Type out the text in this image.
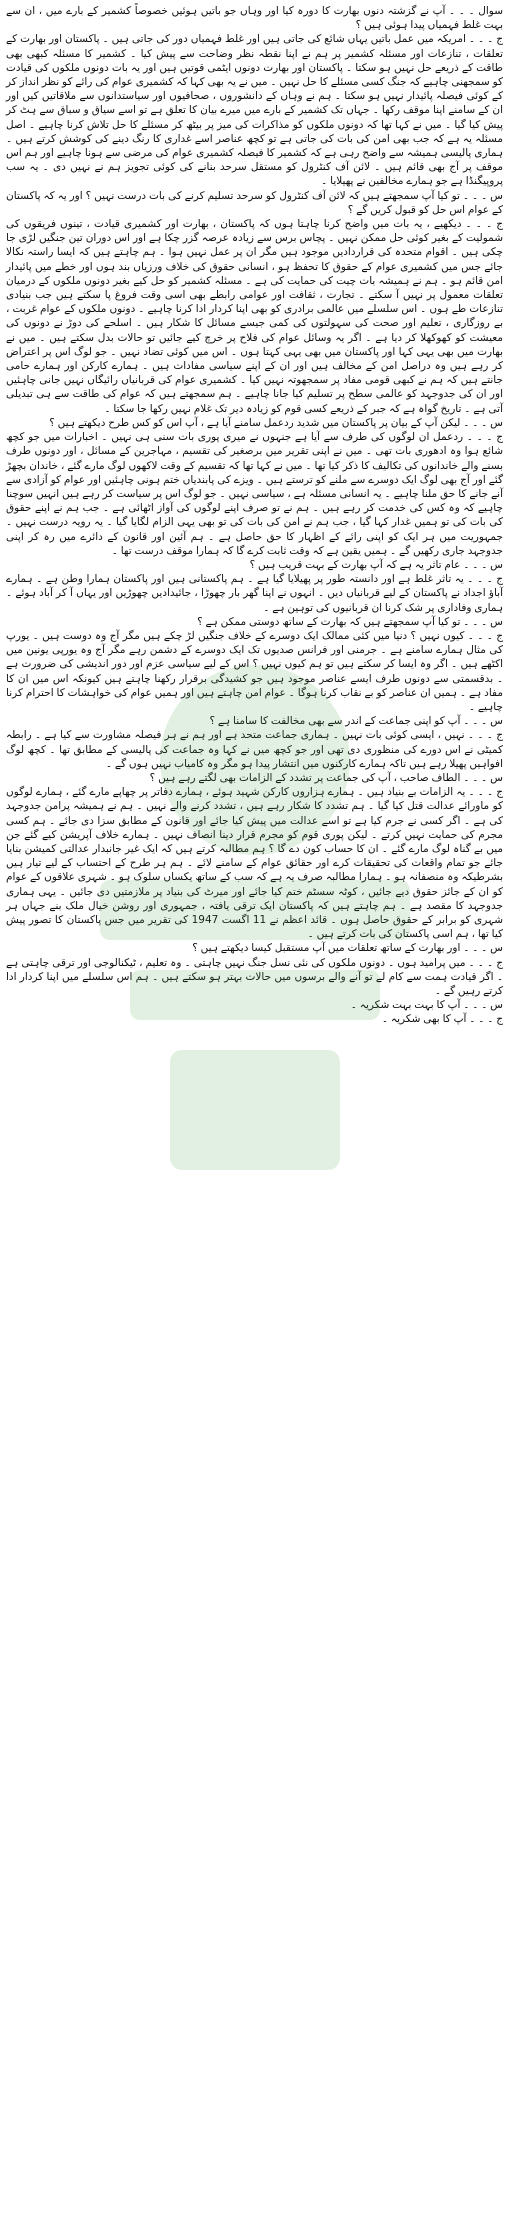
سوال ۔ ۔ ۔ آپ نے گزشتہ دنوں بھارت کا دورہ کیا اور وہاں جو باتیں ہوئیں خصوصاً کشمیر کے بارے میں ، ان سے بہت غلط فہمیاں پیدا ہوئی ہیں ؟

ج ۔ ۔ ۔ امریکہ میں عمل باتیں یہاں شائع کی جاتی ہیں اور غلط فہمیاں دور کی جاتی ہیں ۔ پاکستان اور بھارت کے تعلقات ، تنازعات اور مسئلہ کشمیر پر ہم نے اپنا نقطہ نظر وضاحت سے پیش کیا ۔ کشمیر کا مسئلہ کبھی بھی طاقت کے ذریعے حل نہیں ہو سکتا ۔ پاکستان اور بھارت دونوں ایٹمی قوتیں ہیں اور یہ بات دونوں ملکوں کی قیادت کو سمجھنی چاہیے کہ جنگ کسی مسئلے کا حل نہیں ۔ میں نے یہ بھی کہا کہ کشمیری عوام کی رائے کو نظر انداز کر کے کوئی فیصلہ پائیدار نہیں ہو سکتا ۔ ہم نے وہاں کے دانشوروں ، صحافیوں اور سیاستدانوں سے ملاقاتیں کیں اور ان کے سامنے اپنا موقف رکھا ۔ جہاں تک کشمیر کے بارے میں میرے بیان کا تعلق ہے تو اسے سیاق و سباق سے ہٹ کر پیش کیا گیا ۔ میں نے کہا تھا کہ دونوں ملکوں کو مذاکرات کی میز پر بیٹھ کر مسئلے کا حل تلاش کرنا چاہیے ۔ اصل مسئلہ یہ ہے کہ جب بھی امن کی بات کی جاتی ہے تو کچھ عناصر اسے غداری کا رنگ دینے کی کوشش کرتے ہیں ۔ ہماری پالیسی ہمیشہ سے واضح رہی ہے کہ کشمیر کا فیصلہ کشمیری عوام کی مرضی سے ہونا چاہیے اور ہم اس موقف پر آج بھی قائم ہیں ۔ لائن آف کنٹرول کو مستقل سرحد بنانے کی کوئی تجویز ہم نے نہیں دی ۔ یہ سب پروپیگنڈا ہے جو ہمارے مخالفین نے پھیلایا ۔

س ۔ ۔ ۔ تو کیا آپ سمجھتے ہیں کہ لائن آف کنٹرول کو سرحد تسلیم کرنے کی بات درست نہیں ؟ اور یہ کہ پاکستان کے عوام اس حل کو قبول کریں گے ؟

ج ۔ ۔ ۔ دیکھیے ، یہ بات میں واضح کرنا چاہتا ہوں کہ پاکستان ، بھارت اور کشمیری قیادت ، تینوں فریقوں کی شمولیت کے بغیر کوئی حل ممکن نہیں ۔ پچاس برس سے زیادہ عرصہ گزر چکا ہے اور اس دوران تین جنگیں لڑی جا چکی ہیں ۔ اقوام متحدہ کی قراردادیں موجود ہیں مگر ان پر عمل نہیں ہوا ۔ ہم چاہتے ہیں کہ ایسا راستہ نکالا جائے جس میں کشمیری عوام کے حقوق کا تحفظ ہو ، انسانی حقوق کی خلاف ورزیاں بند ہوں اور خطے میں پائیدار امن قائم ہو ۔ ہم نے ہمیشہ بات چیت کی حمایت کی ہے ۔ مسئلہ کشمیر کو حل کیے بغیر دونوں ملکوں کے درمیان تعلقات معمول پر نہیں آ سکتے ۔ تجارت ، ثقافت اور عوامی رابطے بھی اسی وقت فروغ پا سکتے ہیں جب بنیادی تنازعات طے ہوں ۔ اس سلسلے میں عالمی برادری کو بھی اپنا کردار ادا کرنا چاہیے ۔ دونوں ملکوں کے عوام غربت ، بے روزگاری ، تعلیم اور صحت کی سہولتوں کی کمی جیسے مسائل کا شکار ہیں ۔ اسلحے کی دوڑ نے دونوں کی معیشت کو کھوکھلا کر دیا ہے ۔ اگر یہ وسائل عوام کی فلاح پر خرچ کیے جائیں تو حالات بدل سکتے ہیں ۔ میں نے بھارت میں بھی یہی کہا اور پاکستان میں بھی یہی کہتا ہوں ۔ اس میں کوئی تضاد نہیں ۔ جو لوگ اس پر اعتراض کر رہے ہیں وہ دراصل امن کے مخالف ہیں اور ان کے اپنے سیاسی مفادات ہیں ۔ ہمارے کارکن اور ہمارے حامی جانتے ہیں کہ ہم نے کبھی قومی مفاد پر سمجھوتہ نہیں کیا ۔ کشمیری عوام کی قربانیاں رائیگاں نہیں جانی چاہئیں اور ان کی جدوجہد کو عالمی سطح پر تسلیم کیا جانا چاہیے ۔ ہم سمجھتے ہیں کہ عوام کی طاقت سے ہی تبدیلی آتی ہے ۔ تاریخ گواہ ہے کہ جبر کے ذریعے کسی قوم کو زیادہ دیر تک غلام نہیں رکھا جا سکتا ۔

س ۔ ۔ ۔ لیکن آپ کے بیان پر پاکستان میں شدید ردعمل سامنے آیا ہے ، آپ اس کو کس طرح دیکھتے ہیں ؟

ج ۔ ۔ ۔ ردعمل ان لوگوں کی طرف سے آیا ہے جنہوں نے میری پوری بات سنی ہی نہیں ۔ اخبارات میں جو کچھ شائع ہوا وہ ادھوری بات تھی ۔ میں نے اپنی تقریر میں برصغیر کی تقسیم ، مہاجرین کے مسائل ، اور دونوں طرف بسنے والے خاندانوں کی تکالیف کا ذکر کیا تھا ۔ میں نے کہا تھا کہ تقسیم کے وقت لاکھوں لوگ مارے گئے ، خاندان بچھڑ گئے اور آج بھی لوگ ایک دوسرے سے ملنے کو ترستے ہیں ۔ ویزے کی پابندیاں ختم ہونی چاہئیں اور عوام کو آزادی سے آنے جانے کا حق ملنا چاہیے ۔ یہ انسانی مسئلہ ہے ، سیاسی نہیں ۔ جو لوگ اس پر سیاست کر رہے ہیں انہیں سوچنا چاہیے کہ وہ کس کی خدمت کر رہے ہیں ۔ ہم نے تو صرف اپنے لوگوں کی آواز اٹھائی ہے ۔ جب ہم نے اپنے حقوق کی بات کی تو ہمیں غدار کہا گیا ، جب ہم نے امن کی بات کی تو بھی یہی الزام لگایا گیا ۔ یہ رویہ درست نہیں ۔ جمہوریت میں ہر ایک کو اپنی رائے کے اظہار کا حق حاصل ہے ۔ ہم آئین اور قانون کے دائرے میں رہ کر اپنی جدوجہد جاری رکھیں گے ۔ ہمیں یقین ہے کہ وقت ثابت کرے گا کہ ہمارا موقف درست تھا ۔

س ۔ ۔ ۔ عام تاثر یہ ہے کہ آپ بھارت کے بہت قریب ہیں ؟

ج ۔ ۔ ۔ یہ تاثر غلط ہے اور دانستہ طور پر پھیلایا گیا ہے ۔ ہم پاکستانی ہیں اور پاکستان ہمارا وطن ہے ۔ ہمارے آباؤ اجداد نے پاکستان کے لیے قربانیاں دیں ۔ انہوں نے اپنا گھر بار چھوڑا ، جائیدادیں چھوڑیں اور یہاں آ کر آباد ہوئے ۔ ہماری وفاداری پر شک کرنا ان قربانیوں کی توہین ہے ۔

س ۔ ۔ ۔ تو کیا آپ سمجھتے ہیں کہ بھارت کے ساتھ دوستی ممکن ہے ؟

ج ۔ ۔ ۔ کیوں نہیں ؟ دنیا میں کئی ممالک ایک دوسرے کے خلاف جنگیں لڑ چکے ہیں مگر آج وہ دوست ہیں ۔ یورپ کی مثال ہمارے سامنے ہے ۔ جرمنی اور فرانس صدیوں تک ایک دوسرے کے دشمن رہے مگر آج وہ یورپی یونین میں اکٹھے ہیں ۔ اگر وہ ایسا کر سکتے ہیں تو ہم کیوں نہیں ؟ اس کے لیے سیاسی عزم اور دور اندیشی کی ضرورت ہے ۔ بدقسمتی سے دونوں طرف ایسے عناصر موجود ہیں جو کشیدگی برقرار رکھنا چاہتے ہیں کیونکہ اس میں ان کا مفاد ہے ۔ ہمیں ان عناصر کو بے نقاب کرنا ہوگا ۔ عوام امن چاہتے ہیں اور ہمیں عوام کی خواہشات کا احترام کرنا چاہیے ۔

س ۔ ۔ ۔ آپ کو اپنی جماعت کے اندر سے بھی مخالفت کا سامنا ہے ؟

ج ۔ ۔ ۔ نہیں ، ایسی کوئی بات نہیں ۔ ہماری جماعت متحد ہے اور ہم نے ہر فیصلہ مشاورت سے کیا ہے ۔ رابطہ کمیٹی نے اس دورے کی منظوری دی تھی اور جو کچھ میں نے کہا وہ جماعت کی پالیسی کے مطابق تھا ۔ کچھ لوگ افواہیں پھیلا رہے ہیں تاکہ ہمارے کارکنوں میں انتشار پیدا ہو مگر وہ کامیاب نہیں ہوں گے ۔

س ۔ ۔ ۔ الطاف صاحب ، آپ کی جماعت پر تشدد کے الزامات بھی لگتے رہے ہیں ؟

ج ۔ ۔ ۔ یہ الزامات بے بنیاد ہیں ۔ ہمارے ہزاروں کارکن شہید ہوئے ، ہمارے دفاتر پر چھاپے مارے گئے ، ہمارے لوگوں کو ماورائے عدالت قتل کیا گیا ۔ ہم تشدد کا شکار رہے ہیں ، تشدد کرنے والے نہیں ۔ ہم نے ہمیشہ پرامن جدوجہد کی ہے ۔ اگر کسی نے جرم کیا ہے تو اسے عدالت میں پیش کیا جائے اور قانون کے مطابق سزا دی جائے ۔ ہم کسی مجرم کی حمایت نہیں کرتے ۔ لیکن پوری قوم کو مجرم قرار دینا انصاف نہیں ۔ ہمارے خلاف آپریشن کیے گئے جن میں بے گناہ لوگ مارے گئے ۔ ان کا حساب کون دے گا ؟ ہم مطالبہ کرتے ہیں کہ ایک غیر جانبدار عدالتی کمیشن بنایا جائے جو تمام واقعات کی تحقیقات کرے اور حقائق عوام کے سامنے لائے ۔ ہم ہر طرح کے احتساب کے لیے تیار ہیں بشرطیکہ وہ منصفانہ ہو ۔ ہمارا مطالبہ صرف یہ ہے کہ سب کے ساتھ یکساں سلوک ہو ۔ شہری علاقوں کے عوام کو ان کے جائز حقوق دیے جائیں ، کوٹہ سسٹم ختم کیا جائے اور میرٹ کی بنیاد پر ملازمتیں دی جائیں ۔ یہی ہماری جدوجہد کا مقصد ہے ۔ ہم چاہتے ہیں کہ پاکستان ایک ترقی یافتہ ، جمہوری اور روشن خیال ملک بنے جہاں ہر شہری کو برابر کے حقوق حاصل ہوں ۔ قائد اعظم نے 11 اگست 1947 کی تقریر میں جس پاکستان کا تصور پیش کیا تھا ، ہم اسی پاکستان کی بات کرتے ہیں ۔

س ۔ ۔ ۔ اور بھارت کے ساتھ تعلقات میں آپ مستقبل کیسا دیکھتے ہیں ؟

ج ۔ ۔ ۔ میں پرامید ہوں ۔ دونوں ملکوں کی نئی نسل جنگ نہیں چاہتی ۔ وہ تعلیم ، ٹیکنالوجی اور ترقی چاہتی ہے ۔ اگر قیادت ہمت سے کام لے تو آنے والے برسوں میں حالات بہتر ہو سکتے ہیں ۔ ہم اس سلسلے میں اپنا کردار ادا کرتے رہیں گے ۔

س ۔ ۔ ۔ آپ کا بہت بہت شکریہ ۔

ج ۔ ۔ ۔ آپ کا بھی شکریہ ۔
